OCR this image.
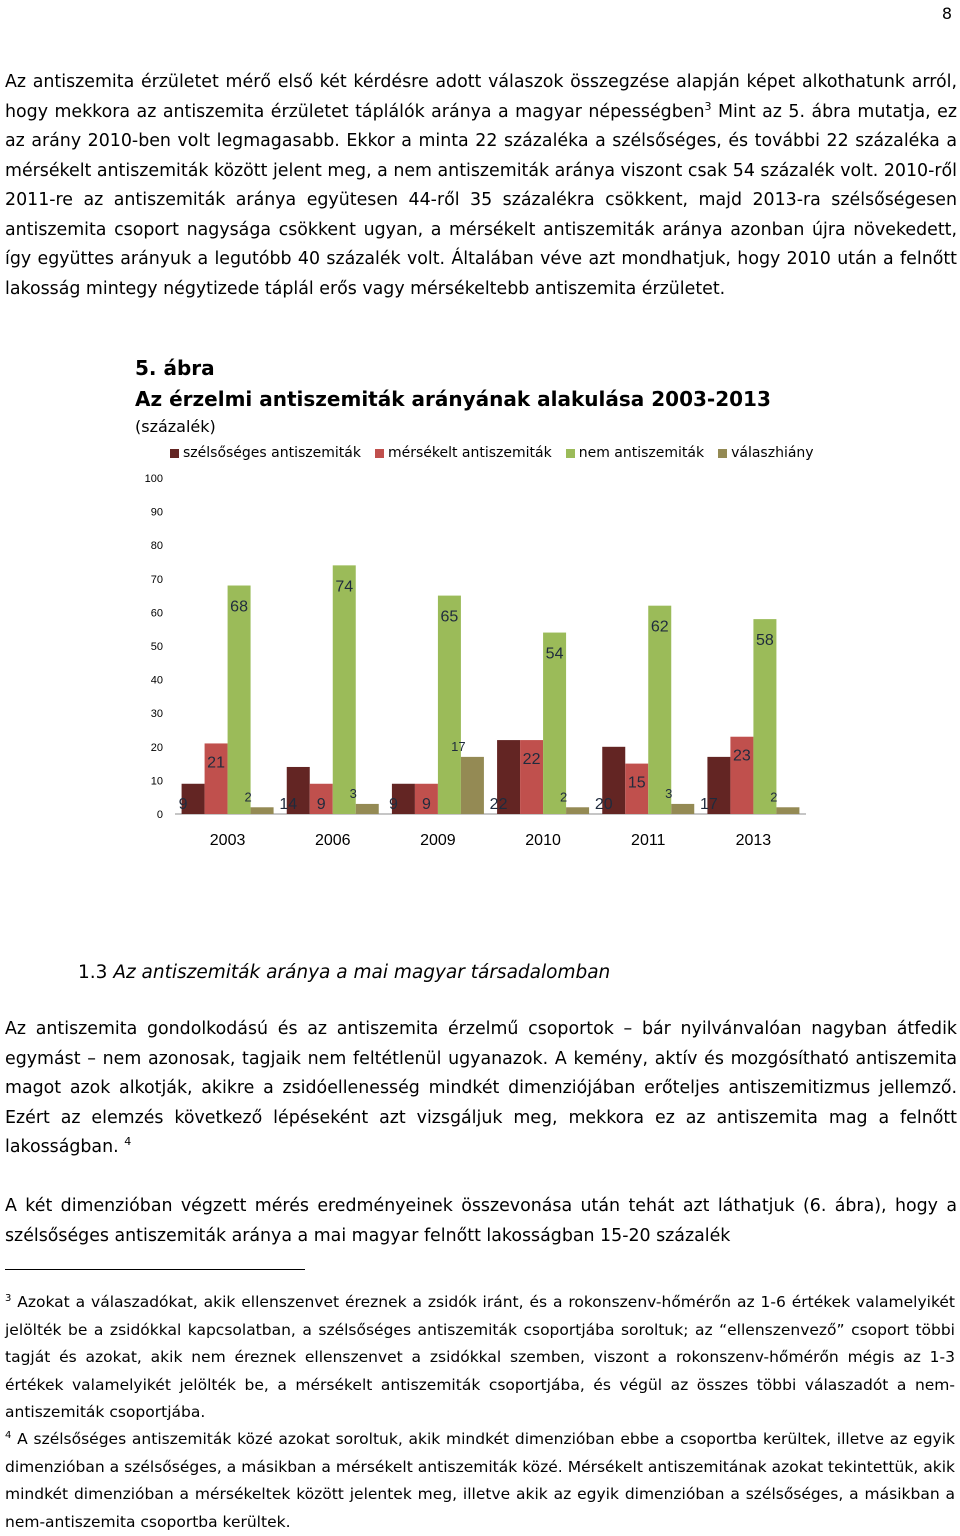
8

Az antiszemita érzületet mérő első két kérdésre adott válaszok összegzése alapján képet alkothatunk arról, hogy mekkora az antiszemita érzületet táplálók aránya a magyar népességben$^3$ Mint az 5. ábra mutatja, ez az arány 2010-ben volt legmagasabb. Ekkor a minta 22 százaléka a szélsőséges, és további 22 százaléka a mérsékelt antiszemiták között jelent meg, a nem antiszemiták aránya viszont csak 54 százalék volt. 2010-ről 2011-re az antiszemiták aránya együtesen 44-ről 35 százalékra csökkent, majd 2013-ra szélsőségesen antiszemita csoport nagysága csökkent ugyan, a mérsékelt antiszemiták aránya azonban újra növekedett, így együttes arányuk a legutóbb 40 százalék volt. Általában véve azt mondhatjuk, hogy 2010 után a felnőtt lakosság mintegy négytizede táplál erős vagy mérsékeltebb antiszemita érzületet.

5. ábra
Az érzelmi antiszemiták arányának alakulása 2003-2013
(százalék)
szélsőséges antiszemiták mérsékelt antiszemiták nem antiszemiták válaszhiány
0
10
20
30
40
50
60
70
80
90
100
9
21
68
2
2003
14 9
74
3
2006
9 9
65
17
2009
22
22
54
2
2010
20
15
62
3
2011
17
23
58
2
2013
1.3 Az antiszemiták aránya a mai magyar társadalomban

Az antiszemita gondolkodású és az antiszemita érzelmű csoportok – bár nyilvánvalóan nagyban átfedik egymást – nem azonosak, tagjaik nem feltétlenül ugyanazok. A kemény, aktív és mozgósítható antiszemita magot azok alkotják, akikre a zsidóellenesség mindkét dimenziójában erőteljes antiszemitizmus jellemző. Ezért az elemzés következő lépéseként azt vizsgáljuk meg, mekkora ez az antiszemita mag a felnőtt lakosságban. $^4$

A két dimenzióban végzett mérés eredményeinek összevonása után tehát azt láthatjuk (6. ábra), hogy a szélsőséges antiszemiták aránya a mai magyar felnőtt lakosságban 15-20 százalék

$^3$ Azokat a válaszadókat, akik ellenszenvet éreznek a zsidók iránt, és a rokonszenv-hőmérőn az 1-6 értékek valamelyikét jelölték be a zsidókkal kapcsolatban, a szélsőséges antiszemiták csoportjába soroltuk; az “ellenszenvező” csoport többi tagját és azokat, akik nem éreznek ellenszenvet a zsidókkal szemben, viszont a rokonszenv-hőmérőn mégis az 1-3 értékek valamelyikét jelölték be, a mérsékelt antiszemiták csoportjába, és végül az összes többi válaszadót a nem-antiszemiták csoportjába.

$^4$ A szélsőséges antiszemiták közé azokat soroltuk, akik mindkét dimenzióban ebbe a csoportba kerültek, illetve az egyik dimenzióban a szélsőséges, a másikban a mérsékelt antiszemiták közé. Mérsékelt antiszemitának azokat tekintettük, akik mindkét dimenzióban a mérsékeltek között jelentek meg, illetve akik az egyik dimenzióban a szélsőséges, a másikban a nem-antiszemita csoportba kerültek.
